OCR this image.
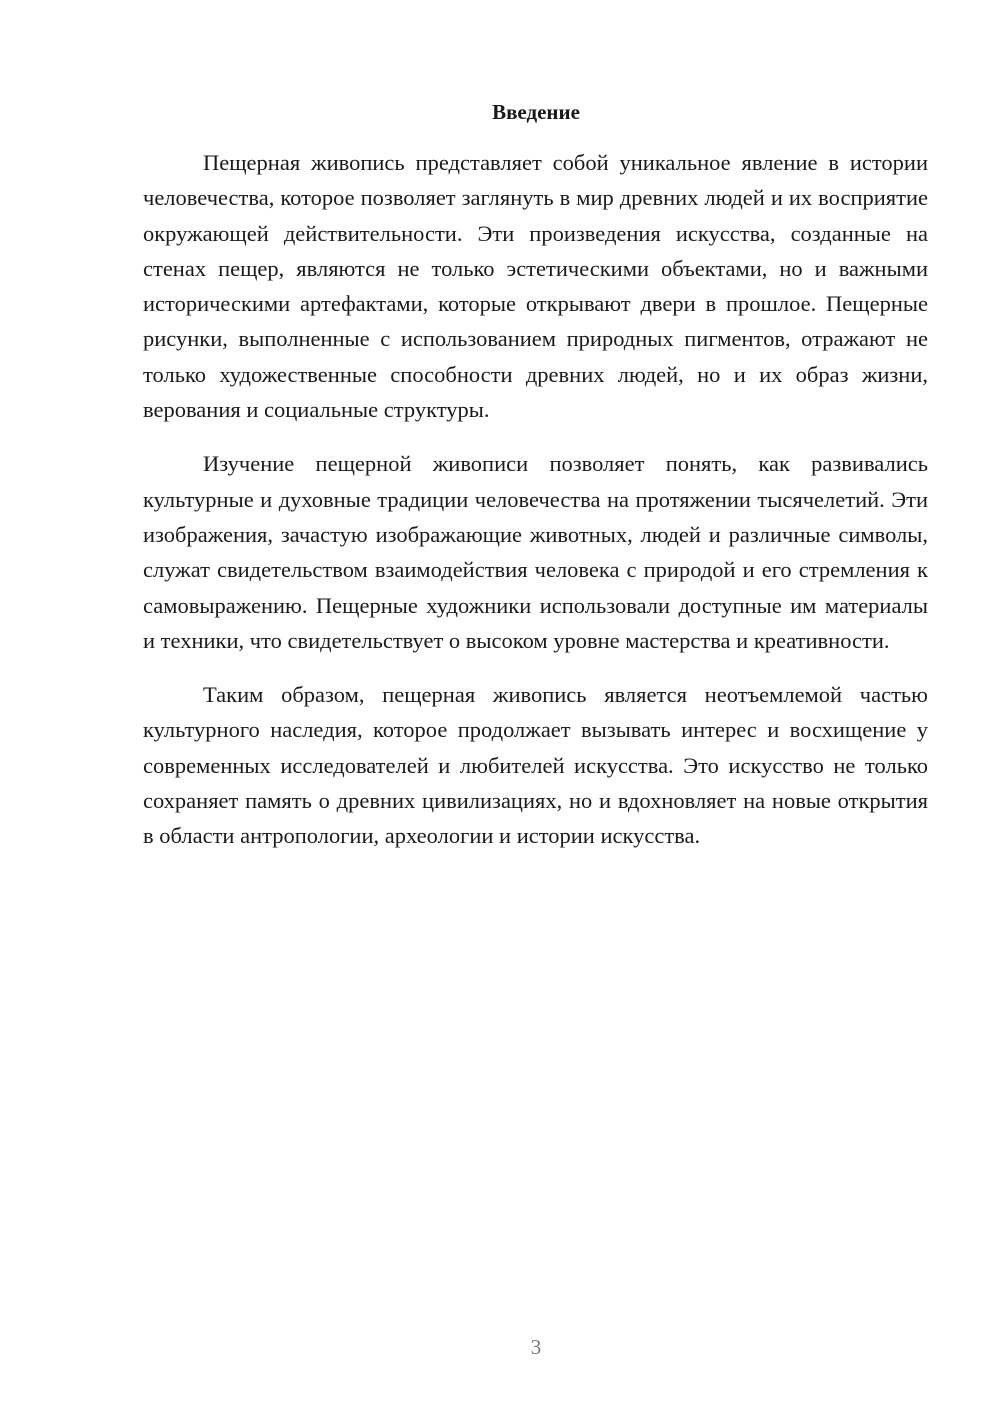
Введение

Пещерная живопись представляет собой уникальное явление в истории человечества, которое позволяет заглянуть в мир древних людей и их восприятие окружающей действительности. Эти произведения искусства, созданные на стенах пещер, являются не только эстетическими объектами, но и важными историческими артефактами, которые открывают двери в прошлое. Пещерные рисунки, выполненные с использованием природных пигментов, отражают не только художественные способности древних людей, но и их образ жизни, верования и социальные структуры.

Изучение пещерной живописи позволяет понять, как развивались культурные и духовные традиции человечества на протяжении тысячелетий. Эти изображения, зачастую изображающие животных, людей и различные символы, служат свидетельством взаимодействия человека с природой и его стремления к самовыражению. Пещерные художники использовали доступные им материалы и техники, что свидетельствует о высоком уровне мастерства и креативности.

Таким образом, пещерная живопись является неотъемлемой частью культурного наследия, которое продолжает вызывать интерес и восхищение у современных исследователей и любителей искусства. Это искусство не только сохраняет память о древних цивилизациях, но и вдохновляет на новые открытия в области антропологии, археологии и истории искусства.

3
